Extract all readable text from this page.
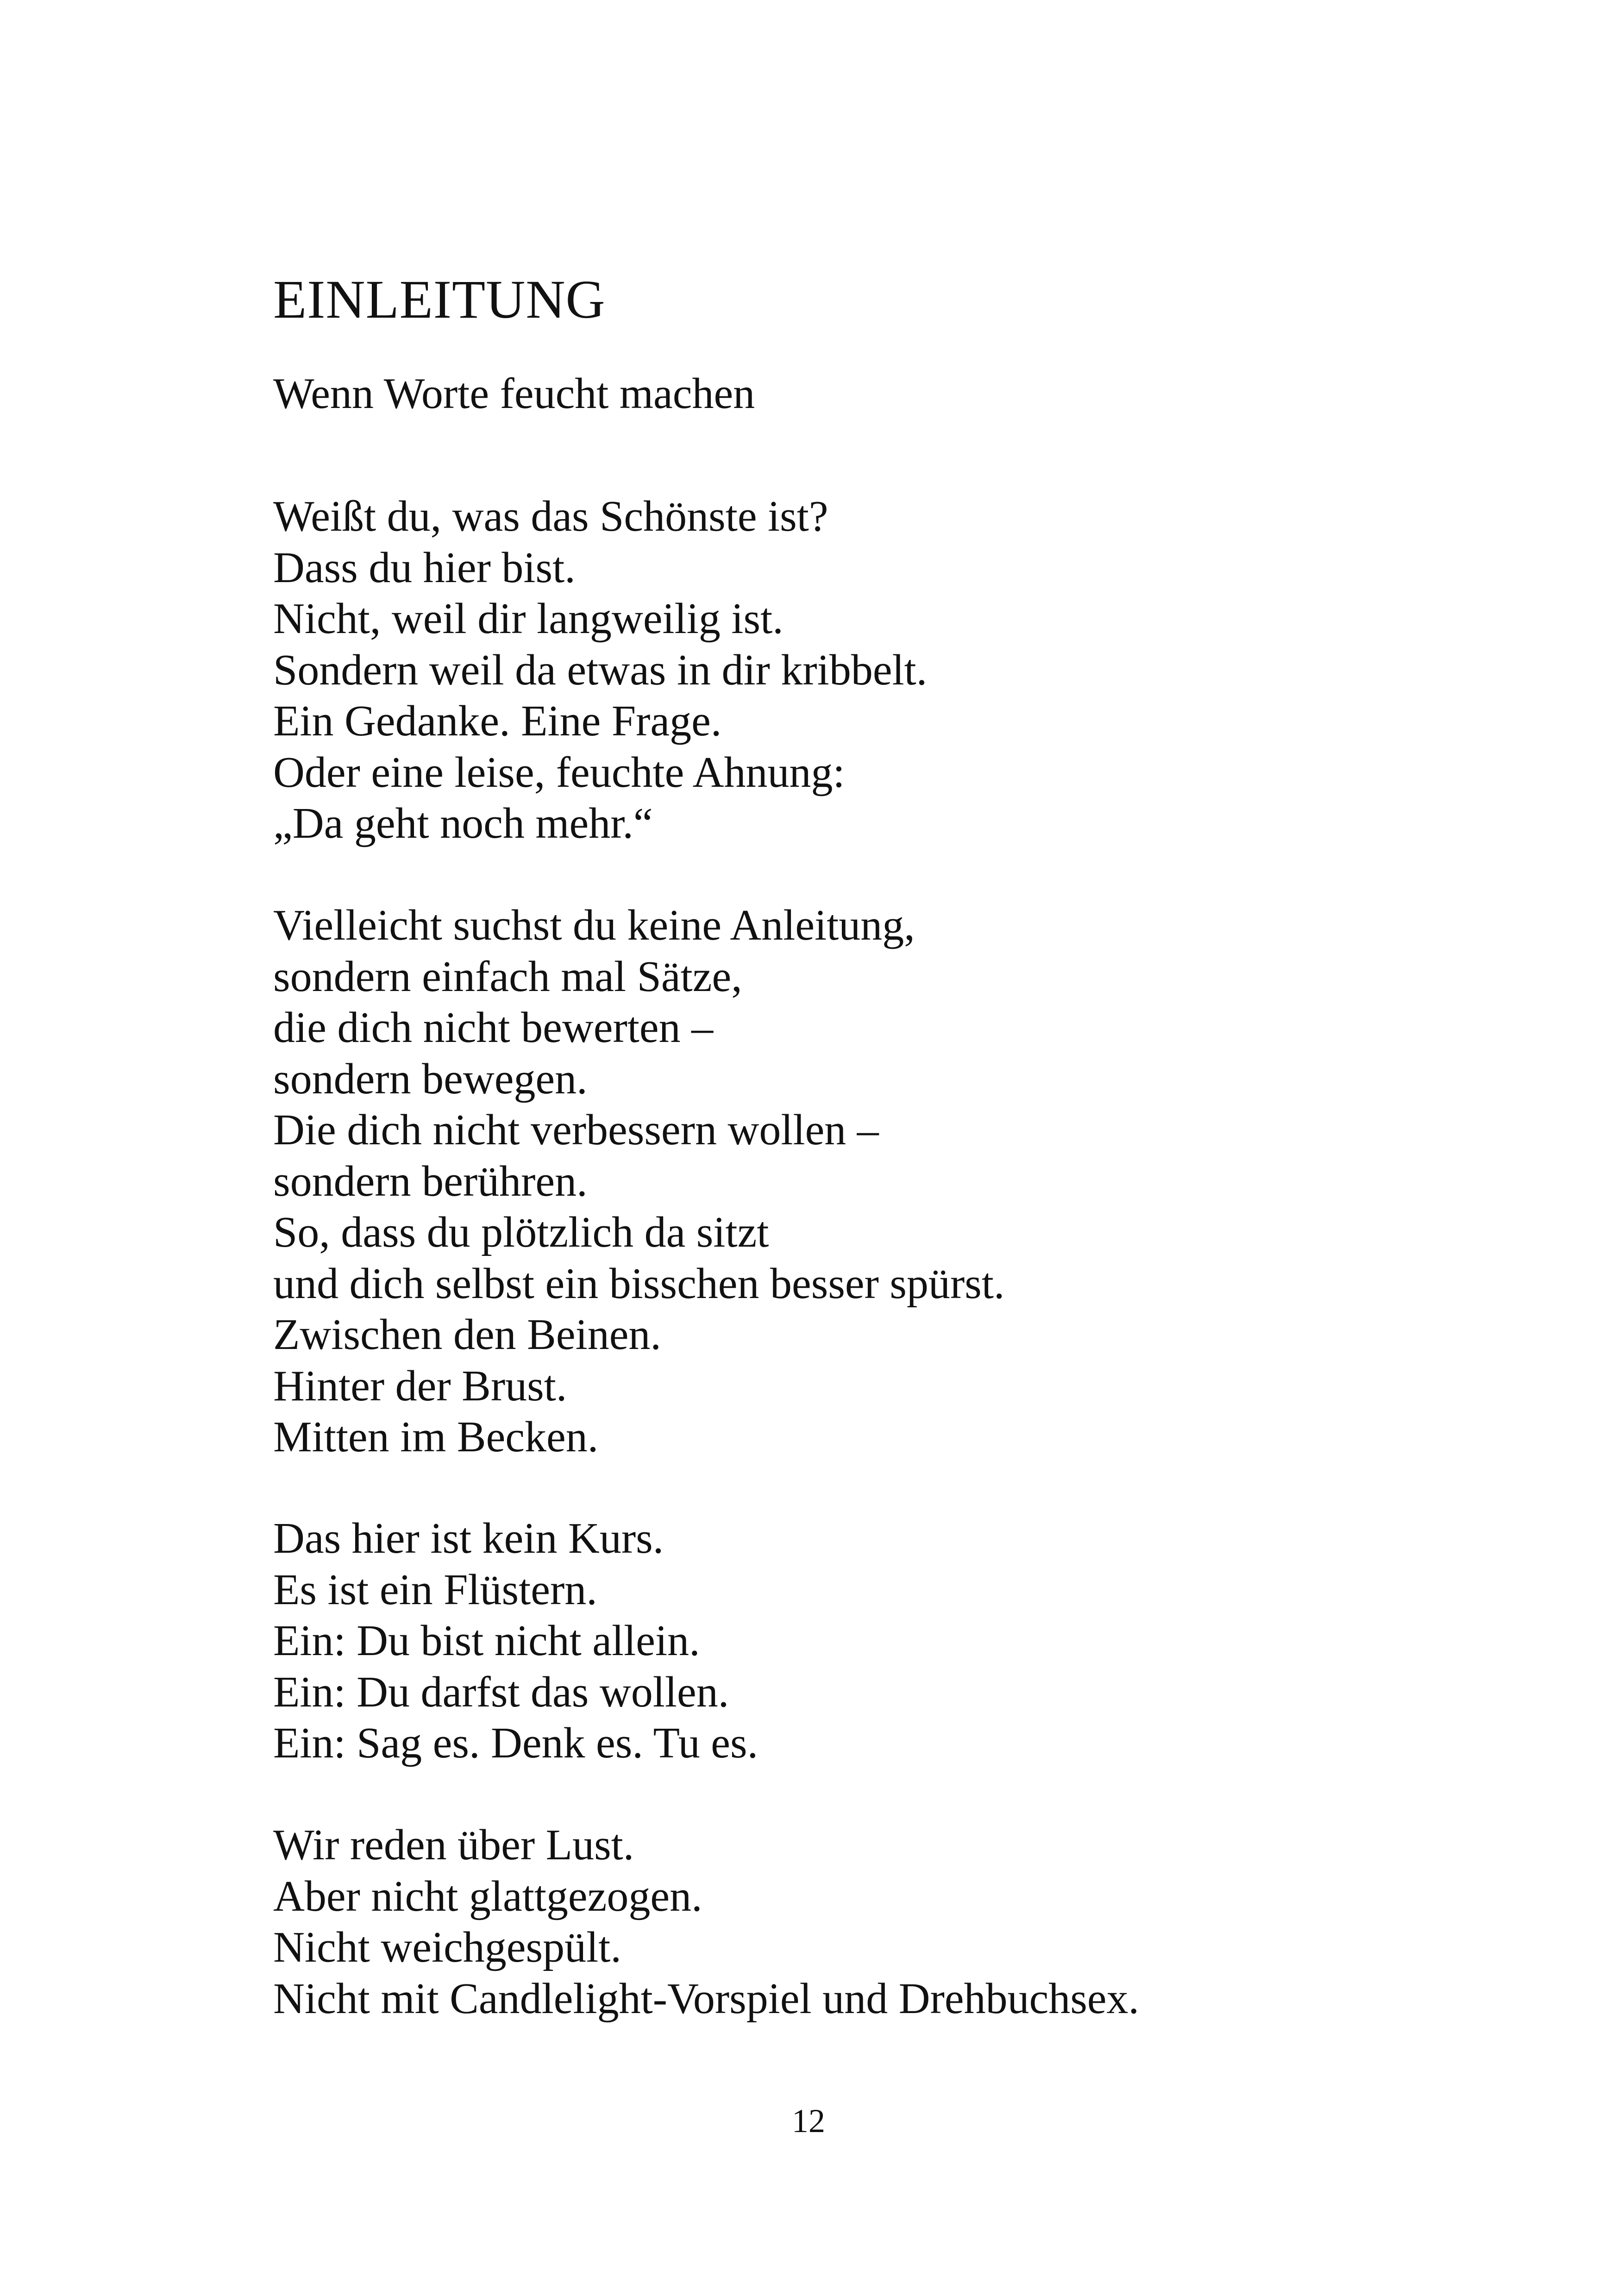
EINLEITUNG
Wenn Worte feucht machen
Weißt du, was das Schönste ist?
Dass du hier bist.
Nicht, weil dir langweilig ist.
Sondern weil da etwas in dir kribbelt.
Ein Gedanke. Eine Frage.
Oder eine leise, feuchte Ahnung:
„Da geht noch mehr.“
Vielleicht suchst du keine Anleitung,
sondern einfach mal Sätze,
die dich nicht bewerten –
sondern bewegen.
Die dich nicht verbessern wollen –
sondern berühren.
So, dass du plötzlich da sitzt
und dich selbst ein bisschen besser spürst.
Zwischen den Beinen.
Hinter der Brust.
Mitten im Becken.
Das hier ist kein Kurs.
Es ist ein Flüstern.
Ein: Du bist nicht allein.
Ein: Du darfst das wollen.
Ein: Sag es. Denk es. Tu es.
Wir reden über Lust.
Aber nicht glattgezogen.
Nicht weichgespült.
Nicht mit Candlelight-Vorspiel und Drehbuchsex.
12
